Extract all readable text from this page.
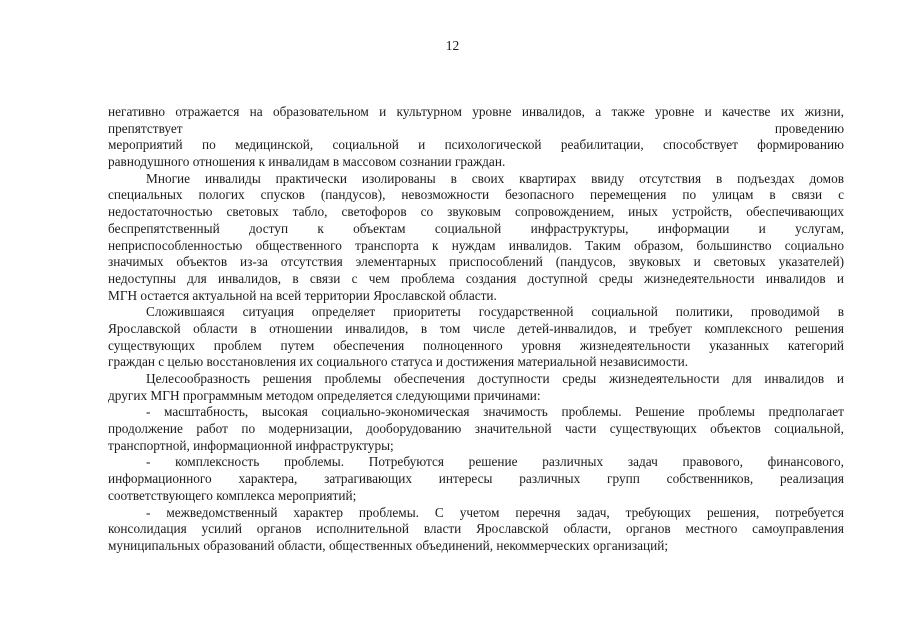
12
негативно отражается на образовательном и культурном уровне инвалидов, а также уровне и качестве их жизни,
препятствует проведению
мероприятий по медицинской, социальной и психологической реабилитации, способствует формированию
равнодушного отношения к инвалидам в массовом сознании граждан.
Многие инвалиды практически изолированы в своих квартирах ввиду отсутствия в подъездах домов
специальных пологих спусков (пандусов), невозможности безопасного перемещения по улицам в связи с
недостаточностью световых табло, светофоров со звуковым сопровождением, иных устройств, обеспечивающих
беспрепятственный доступ к объектам социальной инфраструктуры, информации и услугам,
неприспособленностью общественного транспорта к нуждам инвалидов. Таким образом, большинство социально
значимых объектов из-за отсутствия элементарных приспособлений (пандусов, звуковых и световых указателей)
недоступны для инвалидов, в связи с чем проблема создания доступной среды жизнедеятельности инвалидов и
МГН остается актуальной на всей территории Ярославской области.
Сложившаяся ситуация определяет приоритеты государственной социальной политики, проводимой в
Ярославской области в отношении инвалидов, в том числе детей-инвалидов, и требует комплексного решения
существующих проблем путем обеспечения полноценного уровня жизнедеятельности указанных категорий
граждан с целью восстановления их социального статуса и достижения материальной независимости.
Целесообразность решения проблемы обеспечения доступности среды жизнедеятельности для инвалидов и
других МГН программным методом определяется следующими причинами:
- масштабность, высокая социально-экономическая значимость проблемы. Решение проблемы предполагает
продолжение работ по модернизации, дооборудованию значительной части существующих объектов социальной,
транспортной, информационной инфраструктуры;
- комплексность проблемы. Потребуются решение различных задач правового, финансового,
информационного характера, затрагивающих интересы различных групп собственников, реализация
соответствующего комплекса мероприятий;
- межведомственный характер проблемы. С учетом перечня задач, требующих решения, потребуется
консолидация усилий органов исполнительной власти Ярославской области, органов местного самоуправления
муниципальных образований области, общественных объединений, некоммерческих организаций;
